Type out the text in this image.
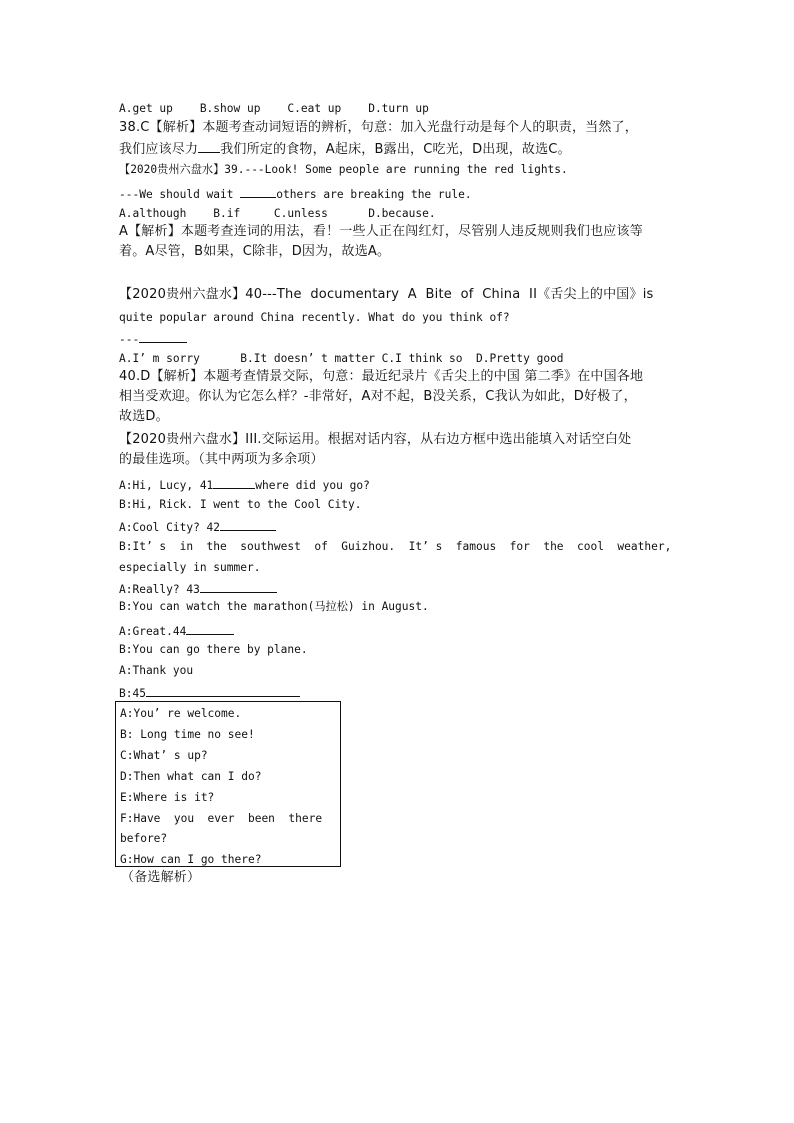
A.get up    B.show up    C.eat up    D.turn up
38.C【解析】本题考查动词短语的辨析，句意：加入光盘行动是每个人的职责，当然了，
我们应该尽力 我们所定的食物，A起床，B露出，C吃光，D出现，故选C。
【2020贵州六盘水】39.---Look! Some people are running the red lights.
---We should wait	others are breaking the rule.
A.although    B.if     C.unless      D.because.
A【解析】本题考查连词的用法，看！一些人正在闯红灯，尽管别人违反规则我们也应该等
着。A尽管，B如果，C除非，D因为，故选A。
【2020贵州六盘水】40---The  documentary  A  Bite  of  China  II《舌尖上的中国》is
quite popular around China recently. What do you think of?
---
A.I’ m sorry      B.It doesn’ t matter C.I think so  D.Pretty good
40.D【解析】本题考查情景交际，句意：最近纪录片《舌尖上的中国 第二季》在中国各地
相当受欢迎。你认为它怎么样？-非常好，A对不起，B没关系，C我认为如此，D好极了，
故选D。
【2020贵州六盘水】III.交际运用。根据对话内容，从右边方框中选出能填入对话空白处
的最佳选项。（其中两项为多余项）
A:Hi, Lucy, 41	where did you go?
B:Hi, Rick. I went to the Cool City.
A:Cool City? 42
B:It’ s  in  the  southwest  of  Guizhou.  It’ s  famous  for  the  cool  weather,
especially in summer.
A:Really? 43
B:You can watch the marathon(马拉松) in August.
A:Great.44
B:You can go there by plane.
A:Thank you
B:45
A:You’ re welcome.
B: Long time no see!
C:What’ s up?
D:Then what can I do?
E:Where is it?
F:Have  you  ever  been  there
before?
G:How can I go there?
（备选解析）
